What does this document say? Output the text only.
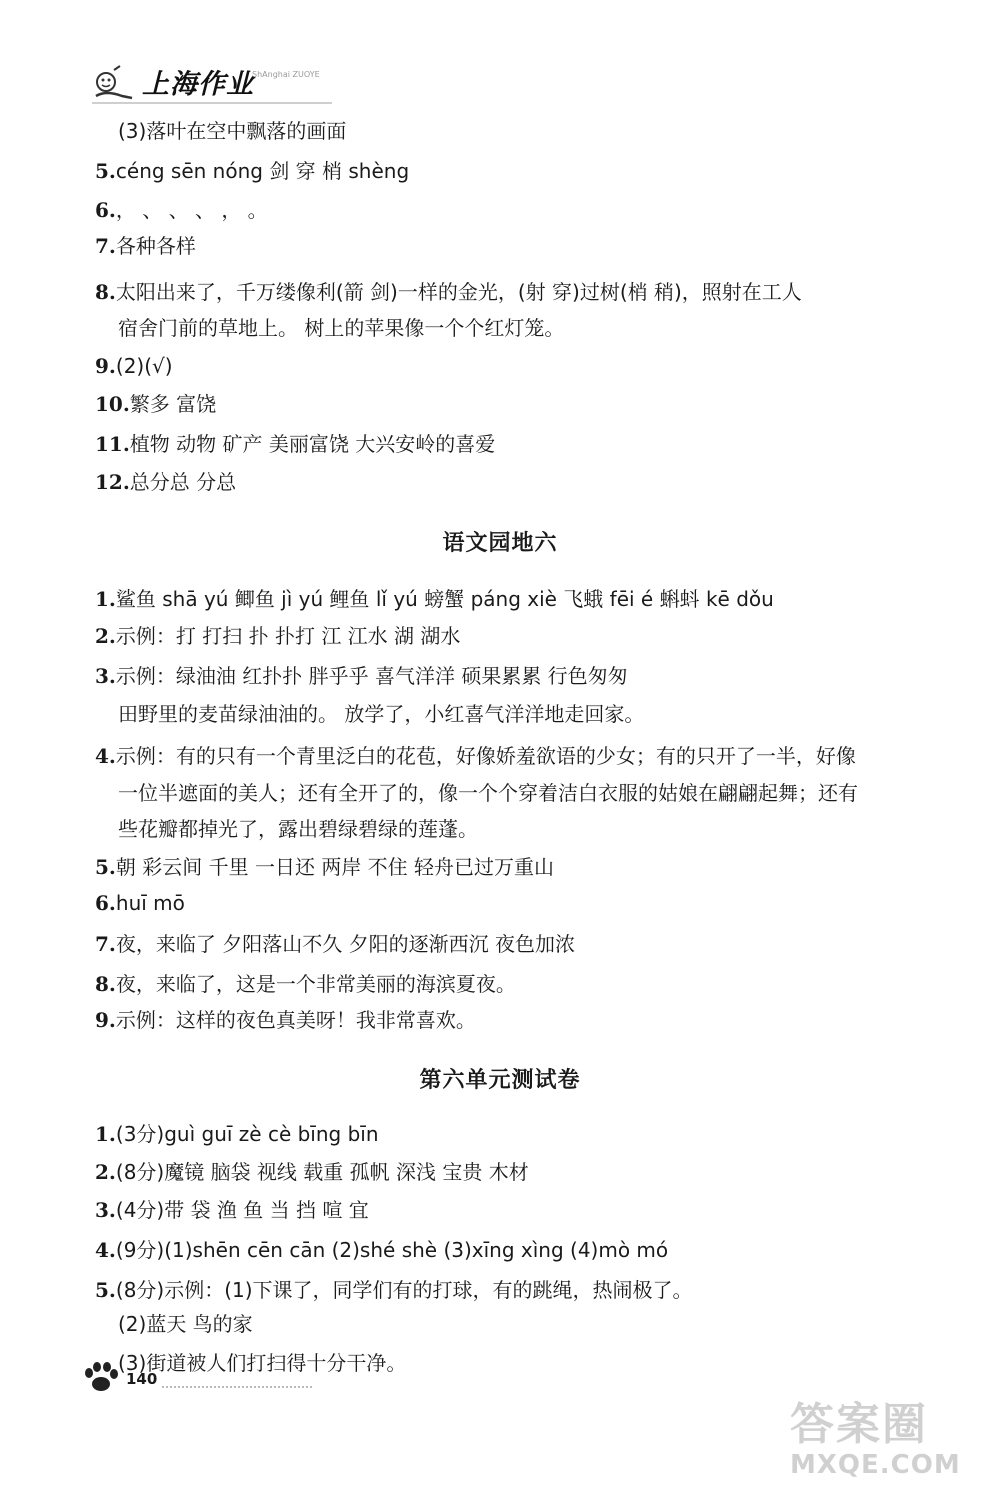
上海作业
ShAnghai ZUOYE
(3)落叶在空中飘落的画面
5.céng sēn nóng 剑 穿 梢 shèng
6.， 、 、 、 ， 。
7.各种各样
8.太阳出来了，千万缕像利(箭 剑)一样的金光，(射 穿)过树(梢 稍)，照射在工人
宿舍门前的草地上。 树上的苹果像一个个红灯笼。
9.(2)(√)
10.繁多 富饶
11.植物 动物 矿产 美丽富饶 大兴安岭的喜爱
12.总分总 分总
语文园地六
1.鲨鱼 shā yú 鲫鱼 jì yú 鲤鱼 lǐ yú 螃蟹 páng xiè 飞蛾 fēi é 蝌蚪 kē dǒu
2.示例：打 打扫 扑 扑打 江 江水 湖 湖水
3.示例：绿油油 红扑扑 胖乎乎 喜气洋洋 硕果累累 行色匆匆
田野里的麦苗绿油油的。 放学了，小红喜气洋洋地走回家。
4.示例：有的只有一个青里泛白的花苞，好像娇羞欲语的少女；有的只开了一半，好像
一位半遮面的美人；还有全开了的，像一个个穿着洁白衣服的姑娘在翩翩起舞；还有
些花瓣都掉光了，露出碧绿碧绿的莲蓬。
5.朝 彩云间 千里 一日还 两岸 不住 轻舟已过万重山
6.huī mō
7.夜，来临了 夕阳落山不久 夕阳的逐渐西沉 夜色加浓
8.夜，来临了，这是一个非常美丽的海滨夏夜。
9.示例：这样的夜色真美呀！我非常喜欢。
第六单元测试卷
1.(3分)guì guī zè cè bīng bīn
2.(8分)魔镜 脑袋 视线 载重 孤帆 深浅 宝贵 木材
3.(4分)带 袋 渔 鱼 当 挡 喧 宜
4.(9分)(1)shēn cēn cān (2)shé shè (3)xīng xìng (4)mò mó
5.(8分)示例：(1)下课了，同学们有的打球，有的跳绳，热闹极了。
(2)蓝天 鸟的家
(3)街道被人们打扫得十分干净。
140
答案圈
MXQE.COM
